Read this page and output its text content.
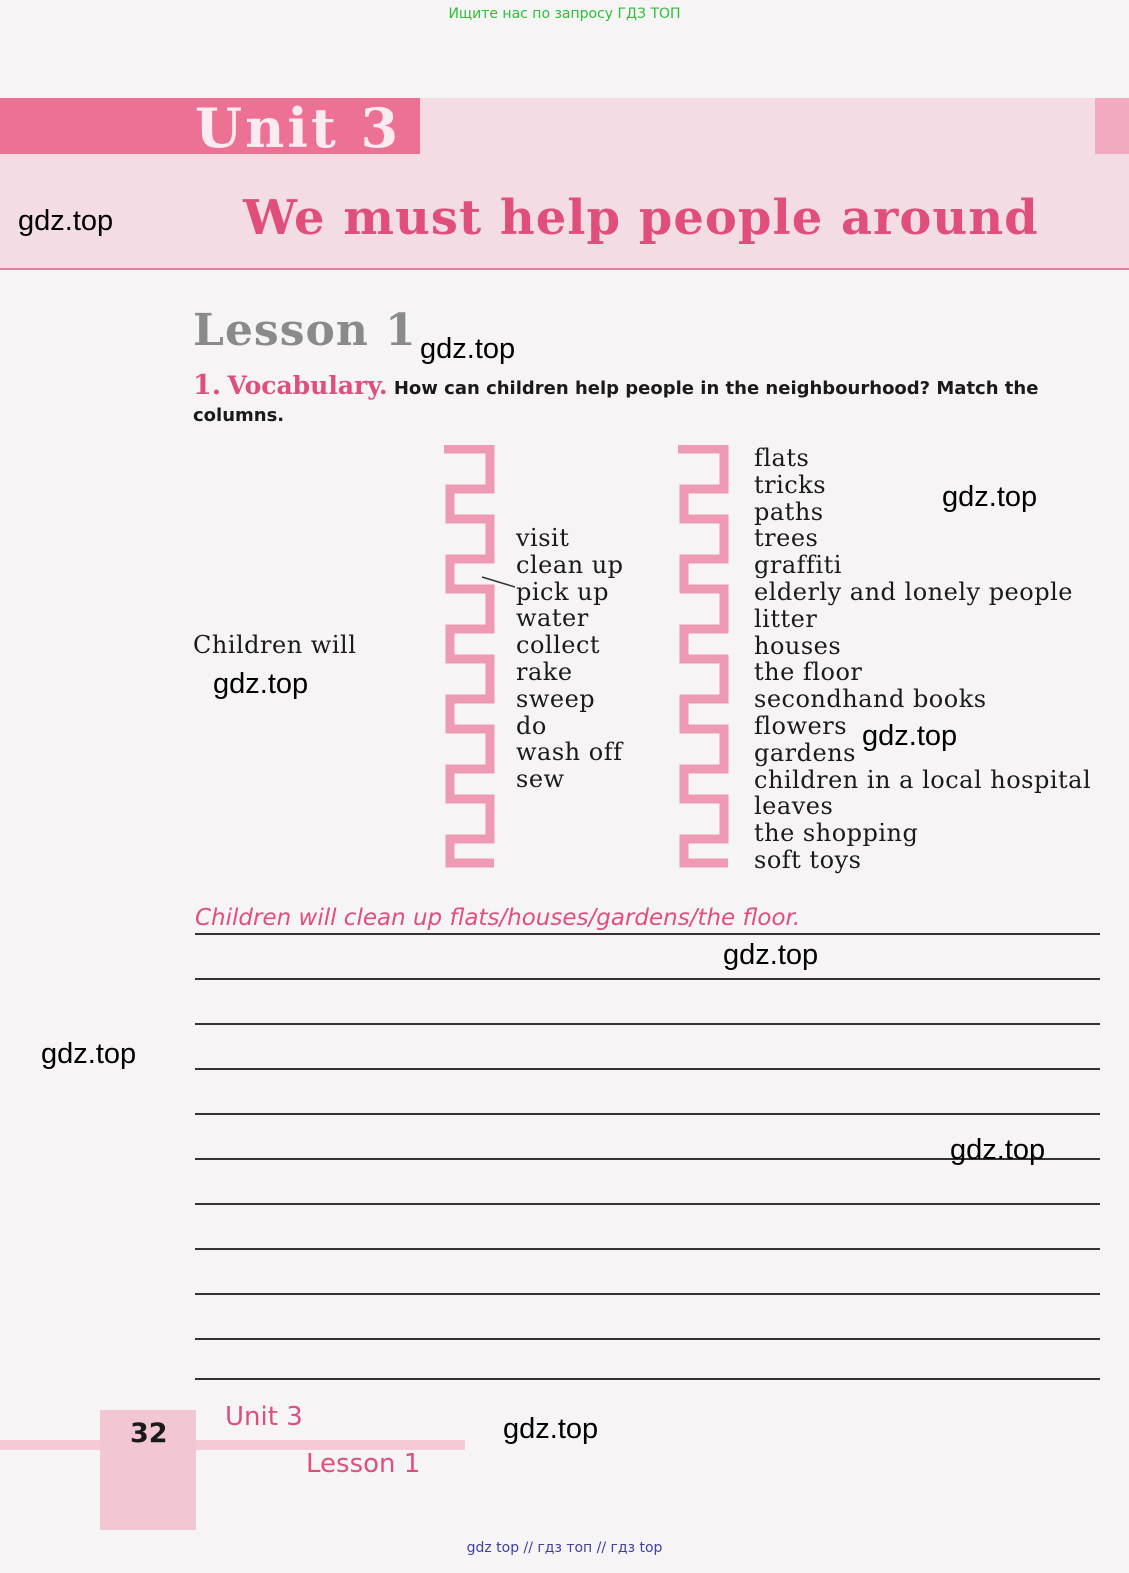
Ищите нас по запросу ГДЗ ТОП
Unit 3
We must help people around
Lesson 1
1. Vocabulary. How can children help people in the neighbourhood? Match the columns.
Children will
visit
clean up
pick up
water
collect
rake
sweep
do
wash off
sew
flats
tricks
paths
trees
graffiti
elderly and lonely people
litter
houses
the floor
secondhand books
flowers
gardens
children in a local hospital
leaves
the shopping
soft toys
Children will clean up flats/houses/gardens/the floor.
gdz.top
gdz.top
gdz.top
gdz.top
gdz.top
gdz.top
gdz.top
gdz.top
gdz.top
32
Unit 3
Lesson 1
gdz top // гдз топ // гдз top
